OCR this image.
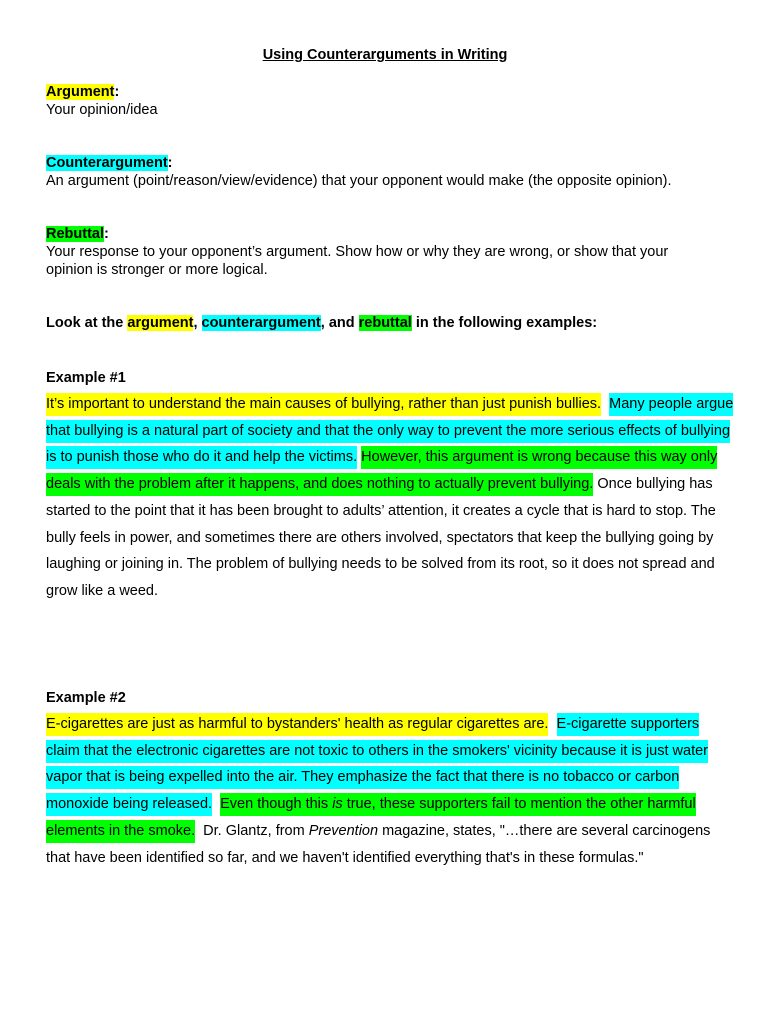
Using Counterarguments in Writing
Argument:
Your opinion/idea
Counterargument:
An argument (point/reason/view/evidence) that your opponent would make (the opposite opinion).
Rebuttal:
Your response to your opponent’s argument. Show how or why they are wrong, or show that your opinion is stronger or more logical.
Look at the argument, counterargument, and rebuttal in the following examples:
Example #1
It’s important to understand the main causes of bullying, rather than just punish bullies. Many people argue that bullying is a natural part of society and that the only way to prevent the more serious effects of bullying is to punish those who do it and help the victims. However, this argument is wrong because this way only deals with the problem after it happens, and does nothing to actually prevent bullying. Once bullying has started to the point that it has been brought to adults’ attention, it creates a cycle that is hard to stop. The bully feels in power, and sometimes there are others involved, spectators that keep the bullying going by laughing or joining in. The problem of bullying needs to be solved from its root, so it does not spread and grow like a weed.
Example #2
E-cigarettes are just as harmful to bystanders' health as regular cigarettes are. E-cigarette supporters claim that the electronic cigarettes are not toxic to others in the smokers' vicinity because it is just water vapor that is being expelled into the air. They emphasize the fact that there is no tobacco or carbon monoxide being released. Even though this is true, these supporters fail to mention the other harmful elements in the smoke.  Dr. Glantz, from Prevention magazine, states, "…there are several carcinogens that have been identified so far, and we haven't identified everything that's in these formulas."
